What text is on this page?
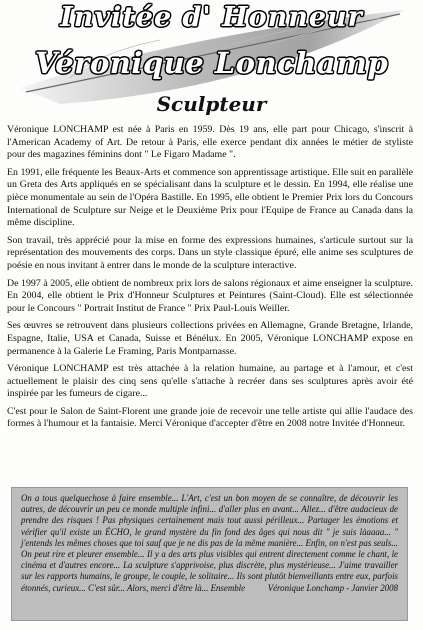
Invitée d' Honneur
Véronique Lonchamp
Sculpteur

Véronique LONCHAMP est née à Paris en 1959. Dès 19 ans, elle part pour Chicago, s'inscrit à l'American Academy of Art. De retour à Paris, elle exerce pendant dix années le métier de styliste pour des magazines féminins dont " Le Figaro Madame ".

En 1991, elle fréquente les Beaux-Arts et commence son apprentissage artistique. Elle suit en parallèle un Greta des Arts appliqués en se spécialisant dans la sculpture et le dessin. En 1994, elle réalise une pièce monumentale au sein de l'Opéra Bastille. En 1995, elle obtient le Premier Prix lors du Concours International de Sculpture sur Neige et le Deuxième Prix pour l'Equipe de France au Canada dans la même discipline.

Son travail, très apprécié pour la mise en forme des expressions humaines, s'articule surtout sur la représentation des mouvements des corps. Dans un style classique épuré, elle anime ses sculptures de poésie en nous invitant à entrer dans le monde de la sculpture interactive.

De 1997 à 2005, elle obtient de nombreux prix lors de salons régionaux et aime enseigner la sculpture. En 2004, elle obtient le Prix d'Honneur Sculptures et Peintures (Saint-Cloud). Elle est sélectionnée pour le Concours " Portrait Institut de France " Prix Paul-Louis Weiller.

Ses œuvres se retrouvent dans plusieurs collections privées en Allemagne, Grande Bretagne, Irlande, Espagne, Italie, USA et Canada, Suisse et Bénélux. En 2005, Véronique LONCHAMP expose en permanence à la Galerie Le Framing, Paris Montparnasse.

Véronique LONCHAMP est très attachée à la relation humaine, au partage et à l'amour, et c'est actuellement le plaisir des cinq sens qu'elle s'attache à recréer dans ses sculptures après avoir été inspirée par les fumeurs de cigare...

C'est pour le Salon de Saint-Florent une grande joie de recevoir une telle artiste qui allie l'audace des formes à l'humour et la fantaisie. Merci Véronique d'accepter d'être en 2008 notre Invitée d'Honneur.

On a tous quelquechose à faire ensemble... L'Art, c'est un bon moyen de se connaître, de découvrir les autres, de découvrir un peu ce monde multiple infini... d'aller plus en avant... Allez... d'être audacieux de prendre des risques ! Pas physiques certainement mais tout aussi périlleux... Partager les émotions et vérifier qu'il existe un ÉCHO, le grand mystère du fin fond des âges qui nous dit " je suis làaaaa... " j'entends les mêmes choses que toi sauf que je ne dis pas de la même manière... Enfin, on n'est pas seuls... On peut rire et pleurer ensemble... Il y a des arts plus visibles qui entrent directement comme le chant, le cinéma et d'autres encore... La sculpture s'apprivoise, plus discrète, plus mystérieuse... J'aime travailler sur les rapports humains, le groupe, le couple, le solitaire... Ils sont plutôt bienveillants entre eux, parfois étonnés, curieux... C'est sûr... Alors, merci d'être là... Ensemble	Véronique Lonchamp - Janvier 2008
